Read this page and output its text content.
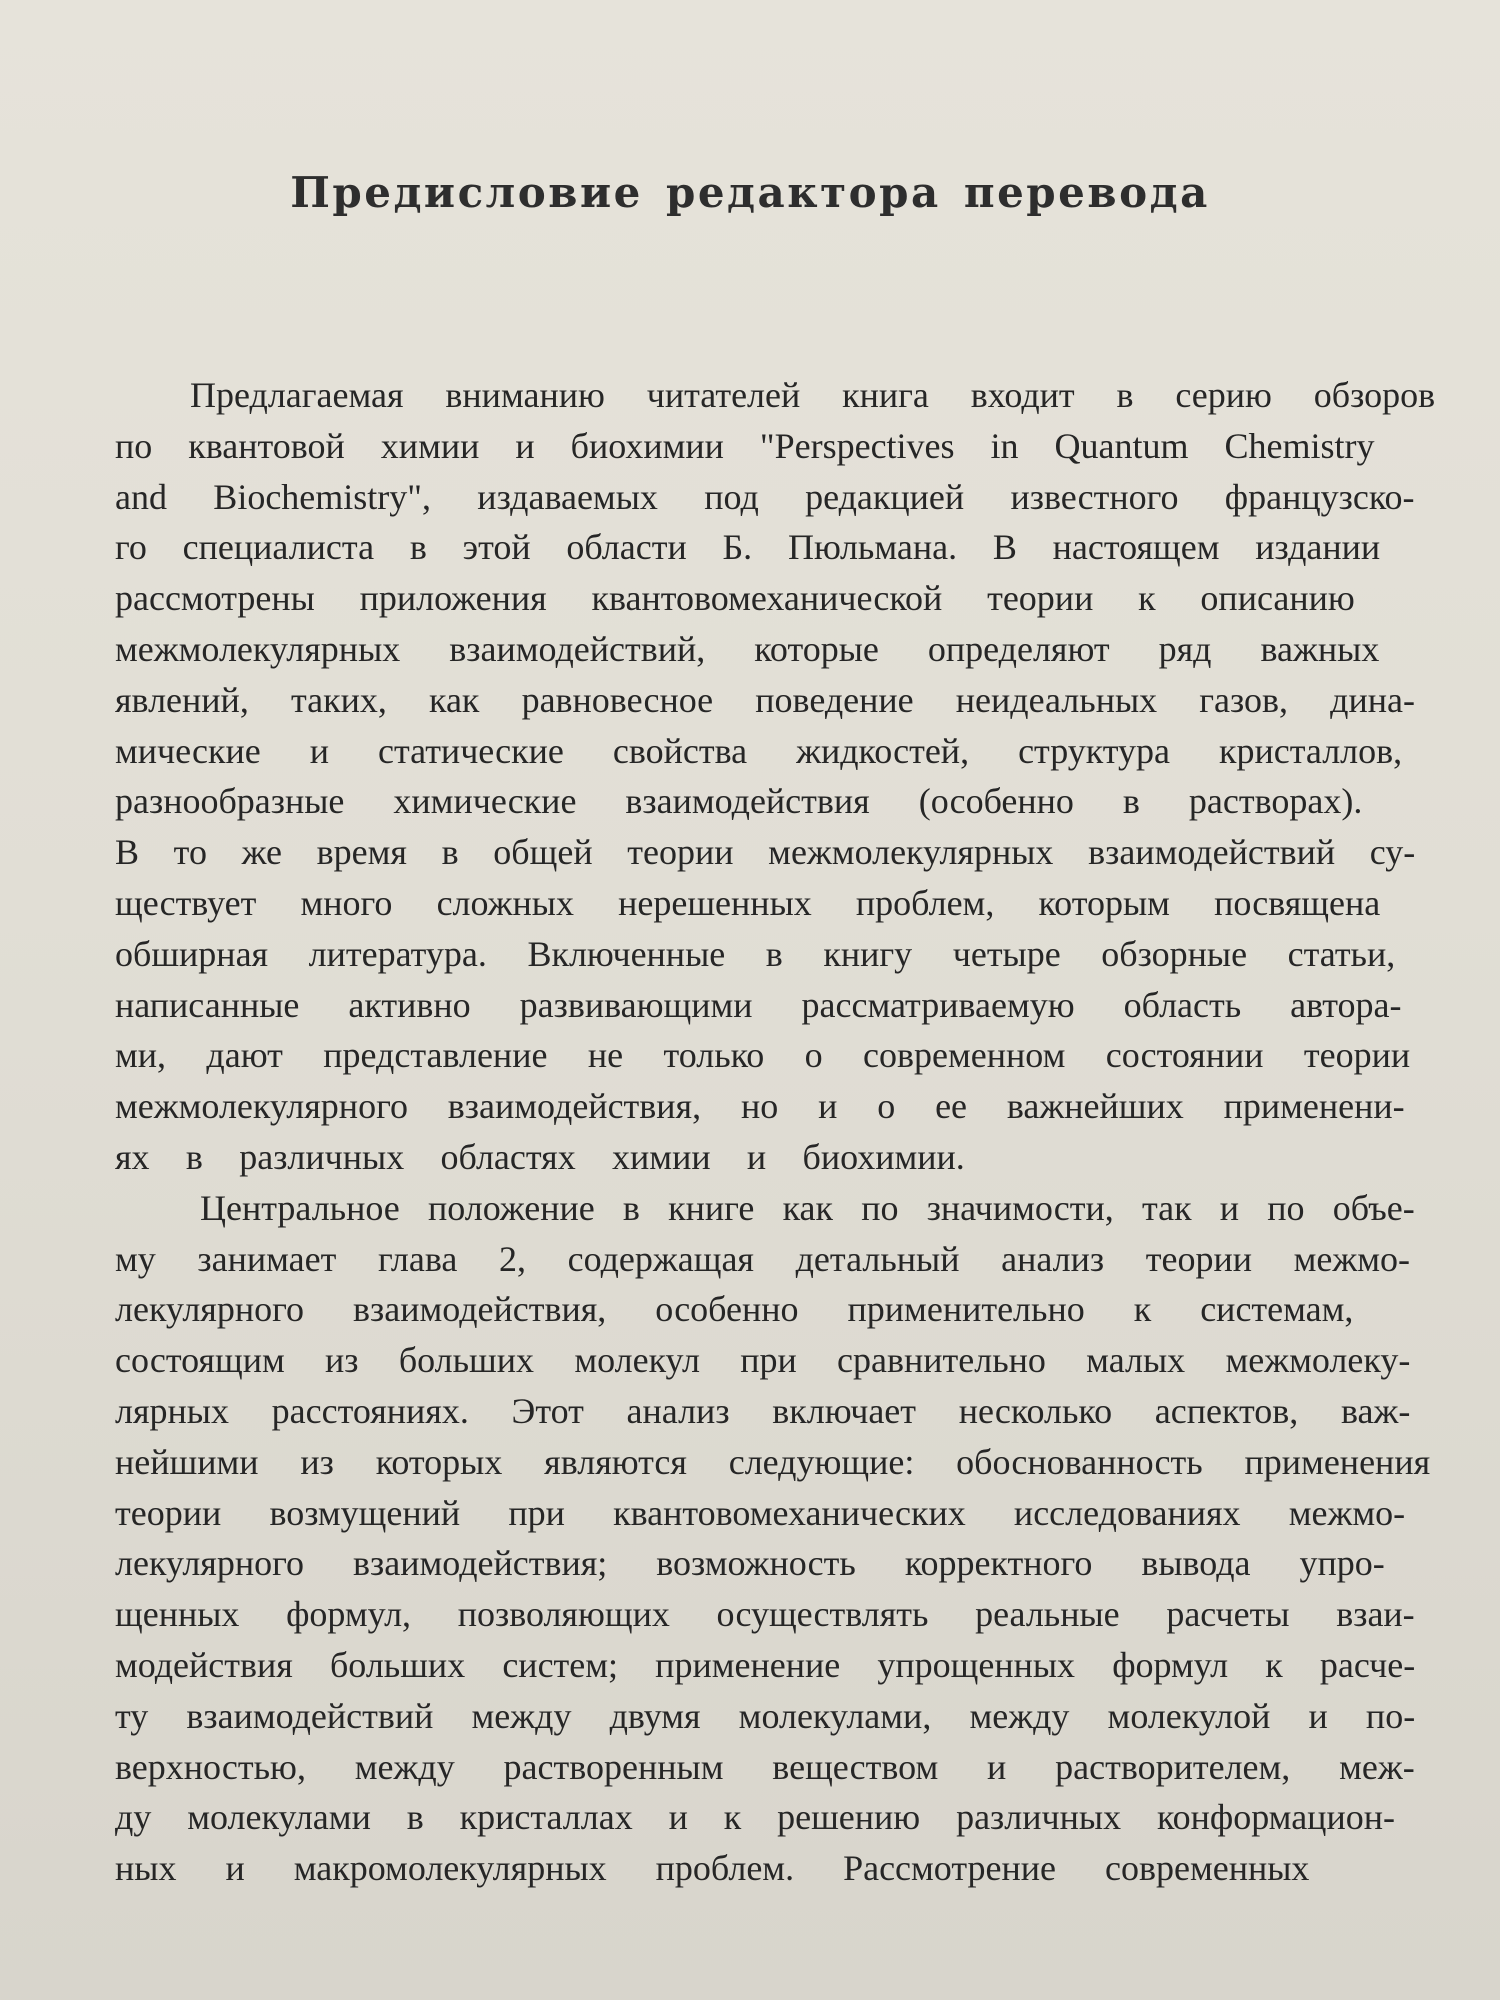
Предисловие редактора перевода
Предлагаемая вниманию читателей книга входит в серию обзоров
по квантовой химии и биохимии "Perspectives in Quantum Chemistry
and Biochemistry", издаваемых под редакцией известного французско-
го специалиста в этой области Б. Пюльмана. В настоящем издании
рассмотрены приложения квантовомеханической теории к описанию
межмолекулярных взаимодействий, которые определяют ряд важных
явлений, таких, как равновесное поведение неидеальных газов, дина-
мические и статические свойства жидкостей, структура кристаллов,
разнообразные химические взаимодействия (особенно в растворах).
В то же время в общей теории межмолекулярных взаимодействий су-
ществует много сложных нерешенных проблем, которым посвящена
обширная литература. Включенные в книгу четыре обзорные статьи,
написанные активно развивающими рассматриваемую область автора-
ми, дают представление не только о современном состоянии теории
межмолекулярного взаимодействия, но и о ее важнейших применени-
ях в различных областях химии и биохимии.
Центральное положение в книге как по значимости, так и по объе-
му занимает глава 2, содержащая детальный анализ теории межмо-
лекулярного взаимодействия, особенно применительно к системам,
состоящим из больших молекул при сравнительно малых межмолеку-
лярных расстояниях. Этот анализ включает несколько аспектов, важ-
нейшими из которых являются следующие: обоснованность применения
теории возмущений при квантовомеханических исследованиях межмо-
лекулярного взаимодействия; возможность корректного вывода упро-
щенных формул, позволяющих осуществлять реальные расчеты взаи-
модействия больших систем; применение упрощенных формул к расче-
ту взаимодействий между двумя молекулами, между молекулой и по-
верхностью, между растворенным веществом и растворителем, меж-
ду молекулами в кристаллах и к решению различных конформацион-
ных и макромолекулярных проблем. Рассмотрение современных
